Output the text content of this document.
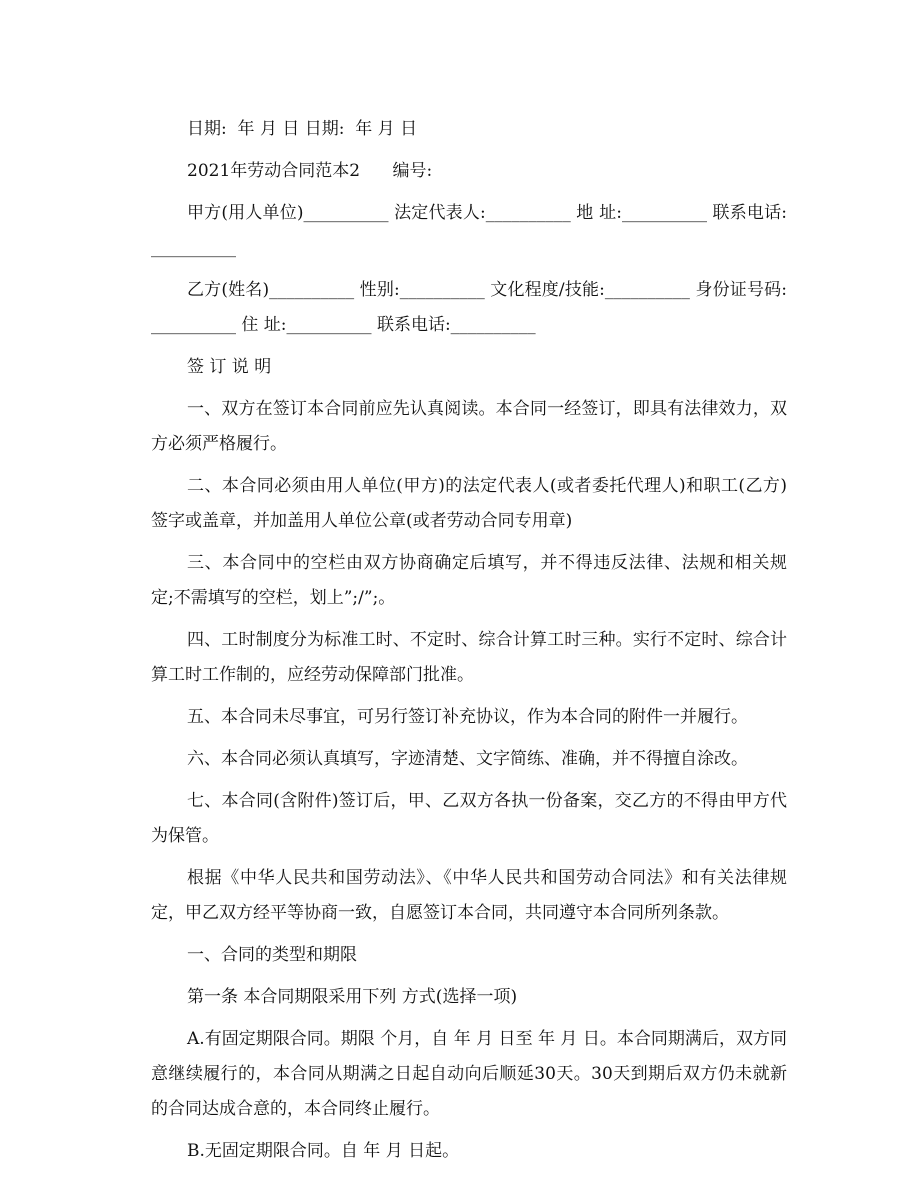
日期:  年 月 日 日期:  年 月 日

2021年劳动合同范本2      编号:

甲方(用人单位)__________ 法定代表人:__________ 地 址:__________ 联系电话:__________

乙方(姓名)__________ 性别:__________ 文化程度/技能:__________ 身份证号码:__________ 住 址:__________ 联系电话:__________

签 订 说 明

一、双方在签订本合同前应先认真阅读。本合同一经签订，即具有法律效力，双方必须严格履行。

二、本合同必须由用人单位(甲方)的法定代表人(或者委托代理人)和职工(乙方)签字或盖章，并加盖用人单位公章(或者劳动合同专用章)

三、本合同中的空栏由双方协商确定后填写，并不得违反法律、法规和相关规定;不需填写的空栏，划上”;/”;。

四、工时制度分为标准工时、不定时、综合计算工时三种。实行不定时、综合计算工时工作制的，应经劳动保障部门批准。

五、本合同未尽事宜，可另行签订补充协议，作为本合同的附件一并履行。

六、本合同必须认真填写，字迹清楚、文字简练、准确，并不得擅自涂改。

七、本合同(含附件)签订后，甲、乙双方各执一份备案，交乙方的不得由甲方代为保管。

根据《中华人民共和国劳动法》、《中华人民共和国劳动合同法》和有关法律规定，甲乙双方经平等协商一致，自愿签订本合同，共同遵守本合同所列条款。

一、合同的类型和期限

第一条 本合同期限采用下列 方式(选择一项)

A.有固定期限合同。期限 个月，自 年 月 日至 年 月 日。本合同期满后，双方同意继续履行的，本合同从期满之日起自动向后顺延30天。30天到期后双方仍未就新的合同达成合意的，本合同终止履行。

B.无固定期限合同。自 年 月 日起。
